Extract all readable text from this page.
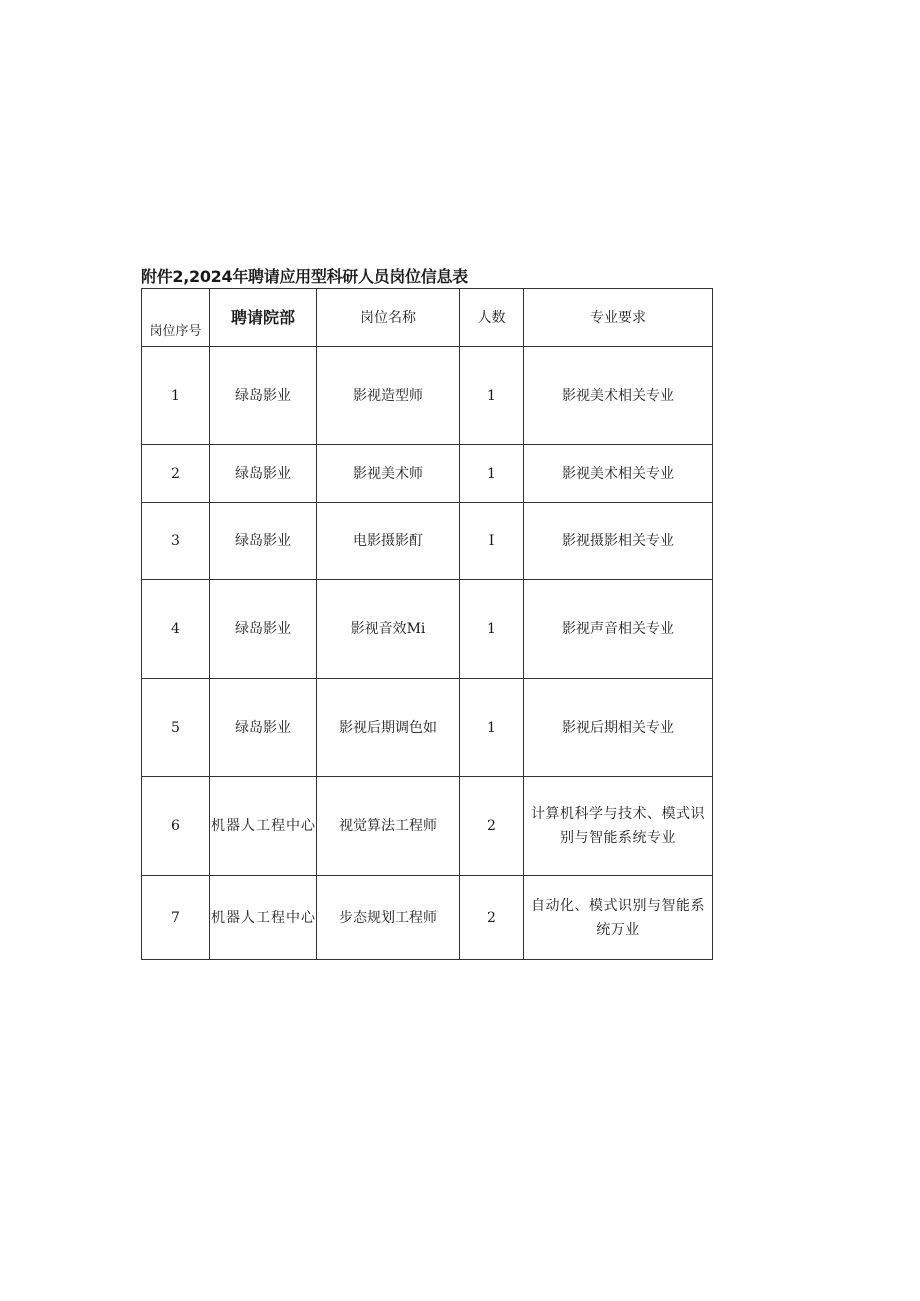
附件2,2024年聘请应用型科研人员岗位信息表
岗位序号	聘请院部	岗位名称	人数	专业要求
1	绿岛影业	影视造型师	1	影视美术相关专业
2	绿岛影业	影视美术师	1	影视美术相关专业
3	绿岛影业	电影摄影酊	I	影视摄影相关专业
4	绿岛影业	影视音效Mi	1	影视声音相关专业
5	绿岛影业	影视后期调色如	1	影视后期相关专业
6	机器人工程中心	视觉算法工程师	2	计算机科学与技术、模式识别与智能系统专业
7	机器人工程中心	步态规划工程师	2	自动化、模式识别与智能系统万业
